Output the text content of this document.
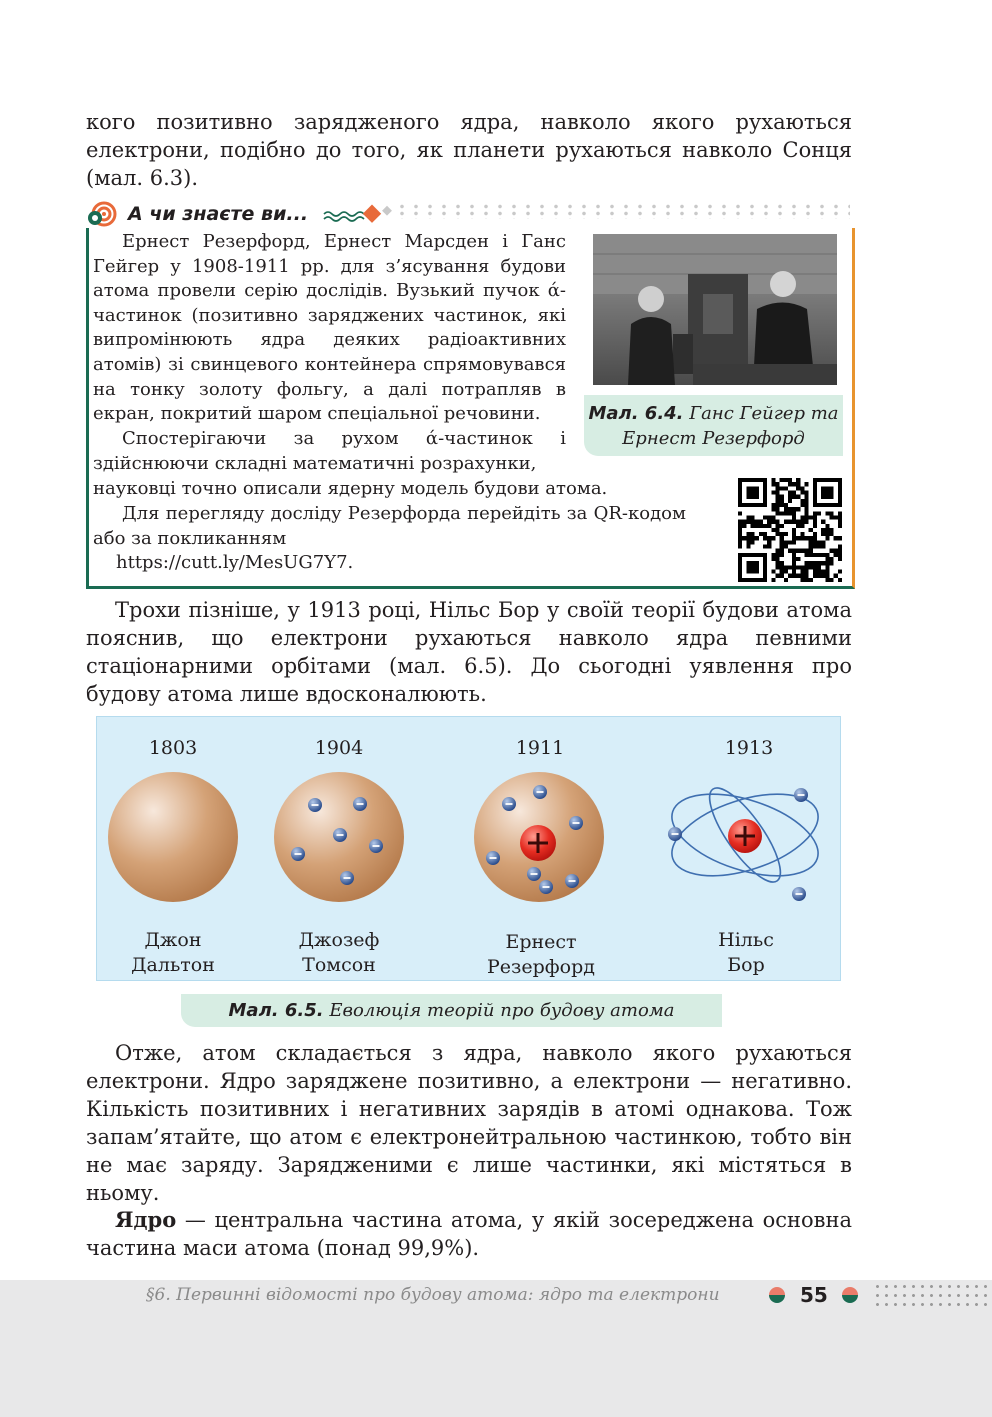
кого позитивно зарядженого ядра, навколо якого рухаються електрони, подібно до того, як планети рухаються навколо Сонця (мал. 6.3).

А чи знаєте ви...

Ернест Резерфорд, Ернест Марсден і Ганс Гейгер у 1908-1911 рр. для з’ясування будови атома провели серію дослідів. Вузький пучок ά-частинок (позитивно заряджених частинок, які випромінюють ядра деяких радіоактивних атомів) зі свинцевого контейнера спрямовувався на тонку золоту фольгу, а далі потрапляв в екран, покритий шаром спеціальної речовини.

Спостерігаючи за рухом ά-частинок і здійснюючи складні математичні розрахунки,

науковці точно описали ядерну модель будови атома.

Для перегляду досліду Резерфорда перейдіть за QR-кодом або за покликанням

https://cutt.ly/MesUG7Y7.

Мал. 6.4. Ганс Гейгер та Ернест Резерфорд

Трохи пізніше, у 1913 році, Нільс Бор у своїй теорії будови атома пояснив, що електрони рухаються навколо ядра певними стаціонарними орбітами (мал. 6.5). До сьогодні уявлення про будову атома лише вдосконалюють.

1803	1904	1911	1913
Джон
Дальтон
Джозеф
Томсон
Ернест
Резерфорд
Нільс
Бор
Мал. 6.5. Еволюція теорій про будову атома

Отже, атом складається з ядра, навколо якого рухаються електрони. Ядро заряджене позитивно, а електрони — негативно. Кількість позитивних і негативних зарядів в атомі однакова. Тож запам’ятайте, що атом є електронейтральною частинкою, тобто він не має заряду. Зарядженими є лише частинки, які містяться в ньому.

Ядро — центральна частина атома, у якій зосереджена основна частина маси атома (понад 99,9%).

§6. Первинні відомості про будову атома: ядро та електрони	55
